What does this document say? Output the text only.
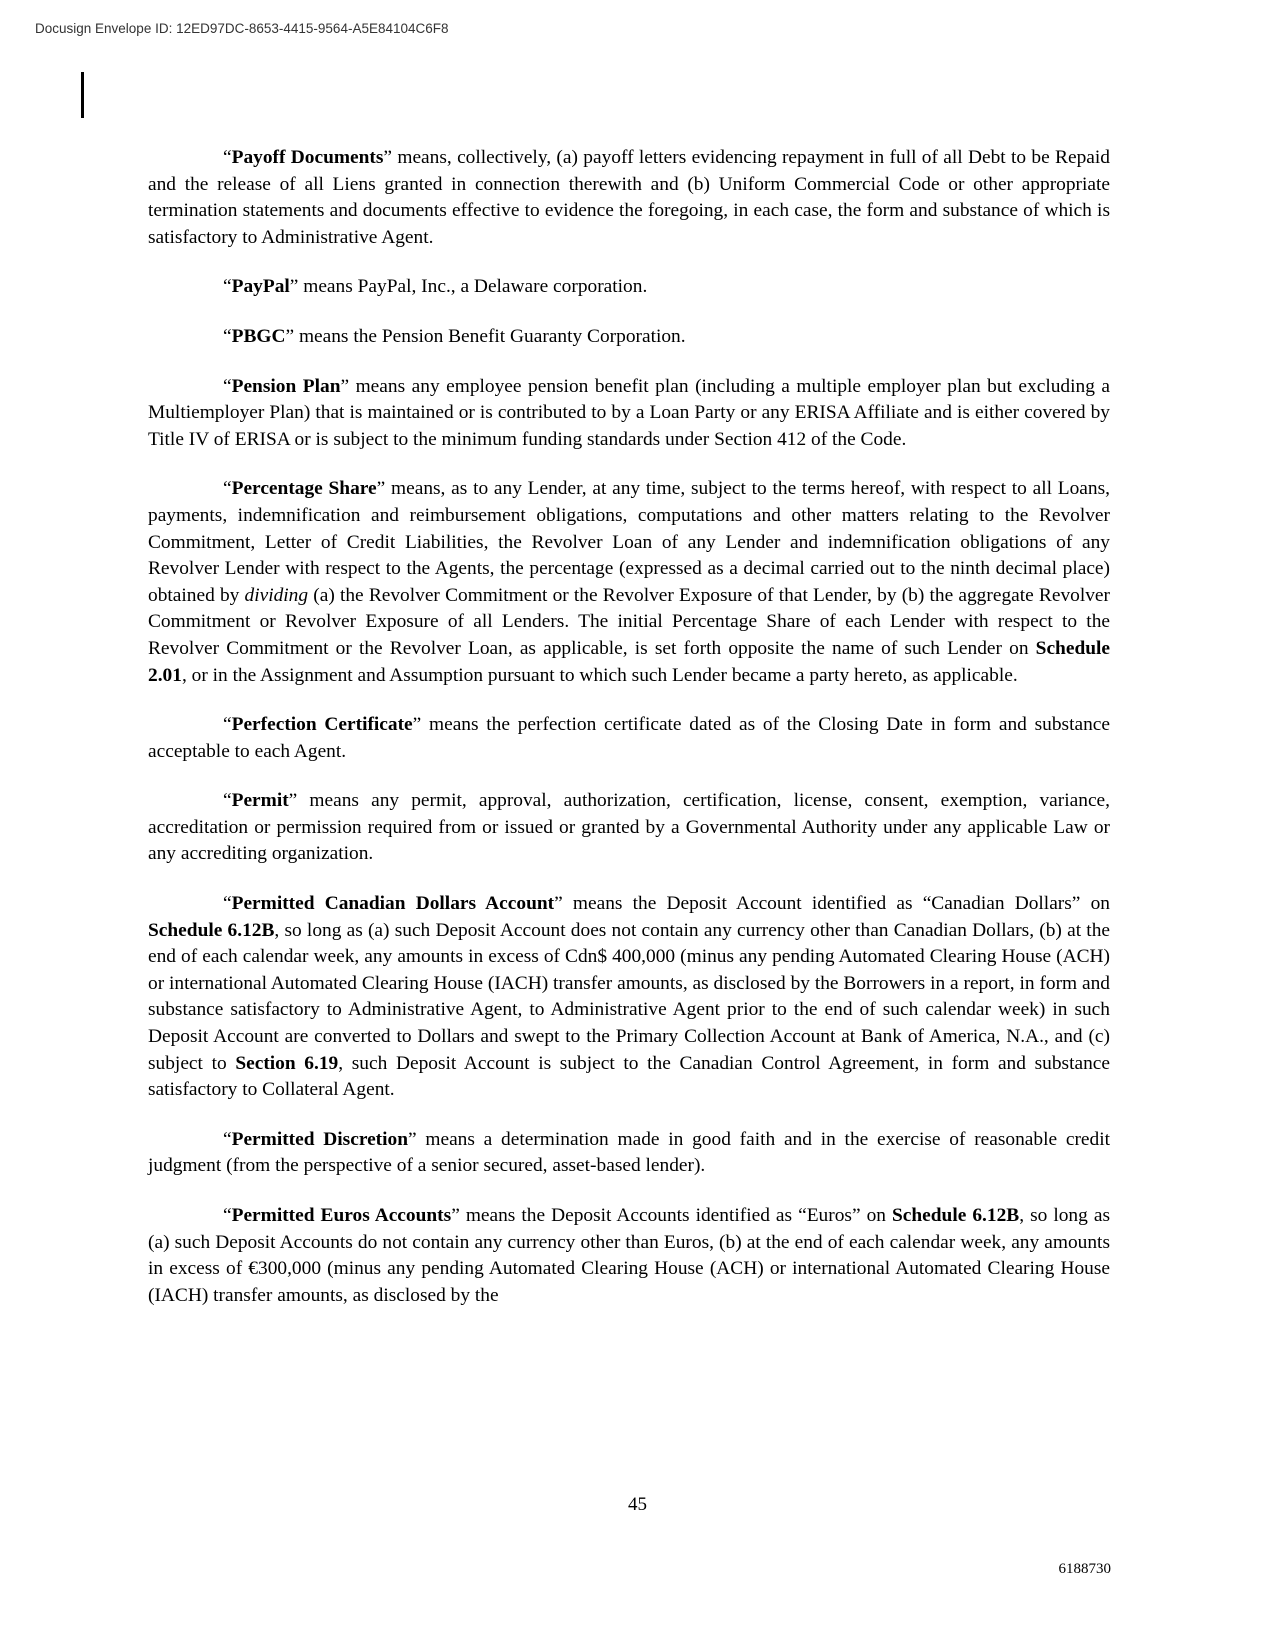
Docusign Envelope ID: 12ED97DC-8653-4415-9564-A5E84104C6F8

“Payoff Documents” means, collectively, (a) payoff letters evidencing repayment in full of all Debt to be Repaid and the release of all Liens granted in connection therewith and (b) Uniform Commercial Code or other appropriate termination statements and documents effective to evidence the foregoing, in each case, the form and substance of which is satisfactory to Administrative Agent.

“PayPal” means PayPal, Inc., a Delaware corporation.

“PBGC” means the Pension Benefit Guaranty Corporation.

“Pension Plan” means any employee pension benefit plan (including a multiple employer plan but excluding a Multiemployer Plan) that is maintained or is contributed to by a Loan Party or any ERISA Affiliate and is either covered by Title IV of ERISA or is subject to the minimum funding standards under Section 412 of the Code.

“Percentage Share” means, as to any Lender, at any time, subject to the terms hereof, with respect to all Loans, payments, indemnification and reimbursement obligations, computations and other matters relating to the Revolver Commitment, Letter of Credit Liabilities, the Revolver Loan of any Lender and indemnification obligations of any Revolver Lender with respect to the Agents, the percentage (expressed as a decimal carried out to the ninth decimal place) obtained by dividing (a) the Revolver Commitment or the Revolver Exposure of that Lender, by (b) the aggregate Revolver Commitment or Revolver Exposure of all Lenders. The initial Percentage Share of each Lender with respect to the Revolver Commitment or the Revolver Loan, as applicable, is set forth opposite the name of such Lender on Schedule 2.01, or in the Assignment and Assumption pursuant to which such Lender became a party hereto, as applicable.

“Perfection Certificate” means the perfection certificate dated as of the Closing Date in form and substance acceptable to each Agent.

“Permit” means any permit, approval, authorization, certification, license, consent, exemption, variance, accreditation or permission required from or issued or granted by a Governmental Authority under any applicable Law or any accrediting organization.

“Permitted Canadian Dollars Account” means the Deposit Account identified as “Canadian Dollars” on Schedule 6.12B, so long as (a) such Deposit Account does not contain any currency other than Canadian Dollars, (b) at the end of each calendar week, any amounts in excess of Cdn$ 400,000 (minus any pending Automated Clearing House (ACH) or international Automated Clearing House (IACH) transfer amounts, as disclosed by the Borrowers in a report, in form and substance satisfactory to Administrative Agent, to Administrative Agent prior to the end of such calendar week) in such Deposit Account are converted to Dollars and swept to the Primary Collection Account at Bank of America, N.A., and (c) subject to Section 6.19, such Deposit Account is subject to the Canadian Control Agreement, in form and substance satisfactory to Collateral Agent.

“Permitted Discretion” means a determination made in good faith and in the exercise of reasonable credit judgment (from the perspective of a senior secured, asset-based lender).

“Permitted Euros Accounts” means the Deposit Accounts identified as “Euros” on Schedule 6.12B, so long as (a) such Deposit Accounts do not contain any currency other than Euros, (b) at the end of each calendar week, any amounts in excess of €300,000 (minus any pending Automated Clearing House (ACH) or international Automated Clearing House (IACH) transfer amounts, as disclosed by the

45
6188730
